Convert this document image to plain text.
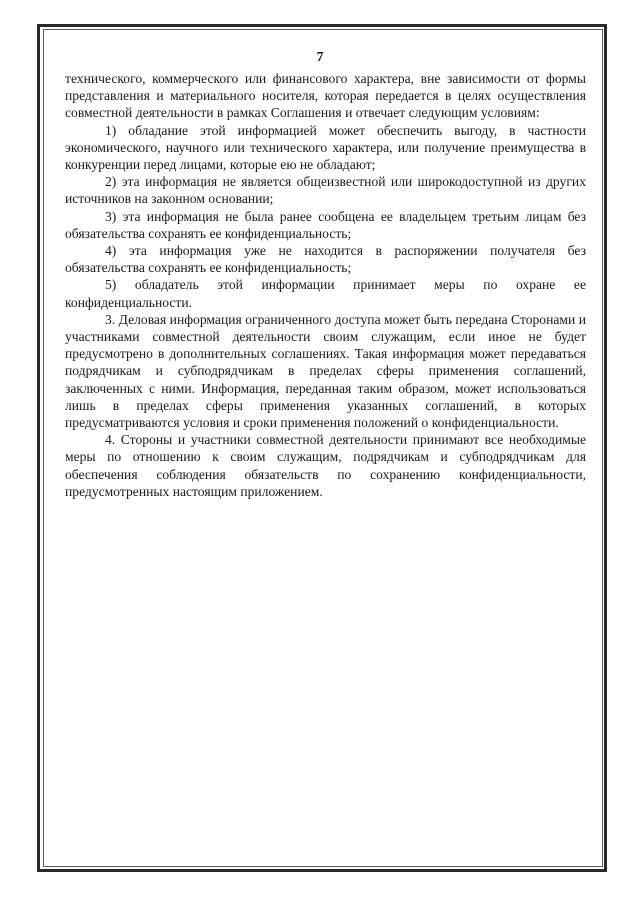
7

технического, коммерческого или финансового характера, вне зависимости от формы представления и материального носителя, которая передается в целях осуществления совместной деятельности в рамках Соглашения и отвечает следующим условиям:

1) обладание этой информацией может обеспечить выгоду, в частности экономического, научного или технического характера, или получение преимущества в конкуренции перед лицами, которые ею не обладают;

2) эта информация не является общеизвестной или широкодоступной из других источников на законном основании;

3) эта информация не была ранее сообщена ее владельцем третьим лицам без обязательства сохранять ее конфиденциальность;

4) эта информация уже не находится в распоряжении получателя без обязательства сохранять ее конфиденциальность;

5) обладатель этой информации принимает меры по охране ее конфиденциальности.

3. Деловая информация ограниченного доступа может быть передана Сторонами и участниками совместной деятельности своим служащим, если иное не будет предусмотрено в дополнительных соглашениях. Такая информация может передаваться подрядчикам и субподрядчикам в пределах сферы применения соглашений, заключенных с ними. Информация, переданная таким образом, может использоваться лишь в пределах сферы применения указанных соглашений, в которых предусматриваются условия и сроки применения положений о конфиденциальности.

4. Стороны и участники совместной деятельности принимают все необходимые меры по отношению к своим служащим, подрядчикам и субподрядчикам для обеспечения соблюдения обязательств по сохранению конфиденциальности, предусмотренных настоящим приложением.
